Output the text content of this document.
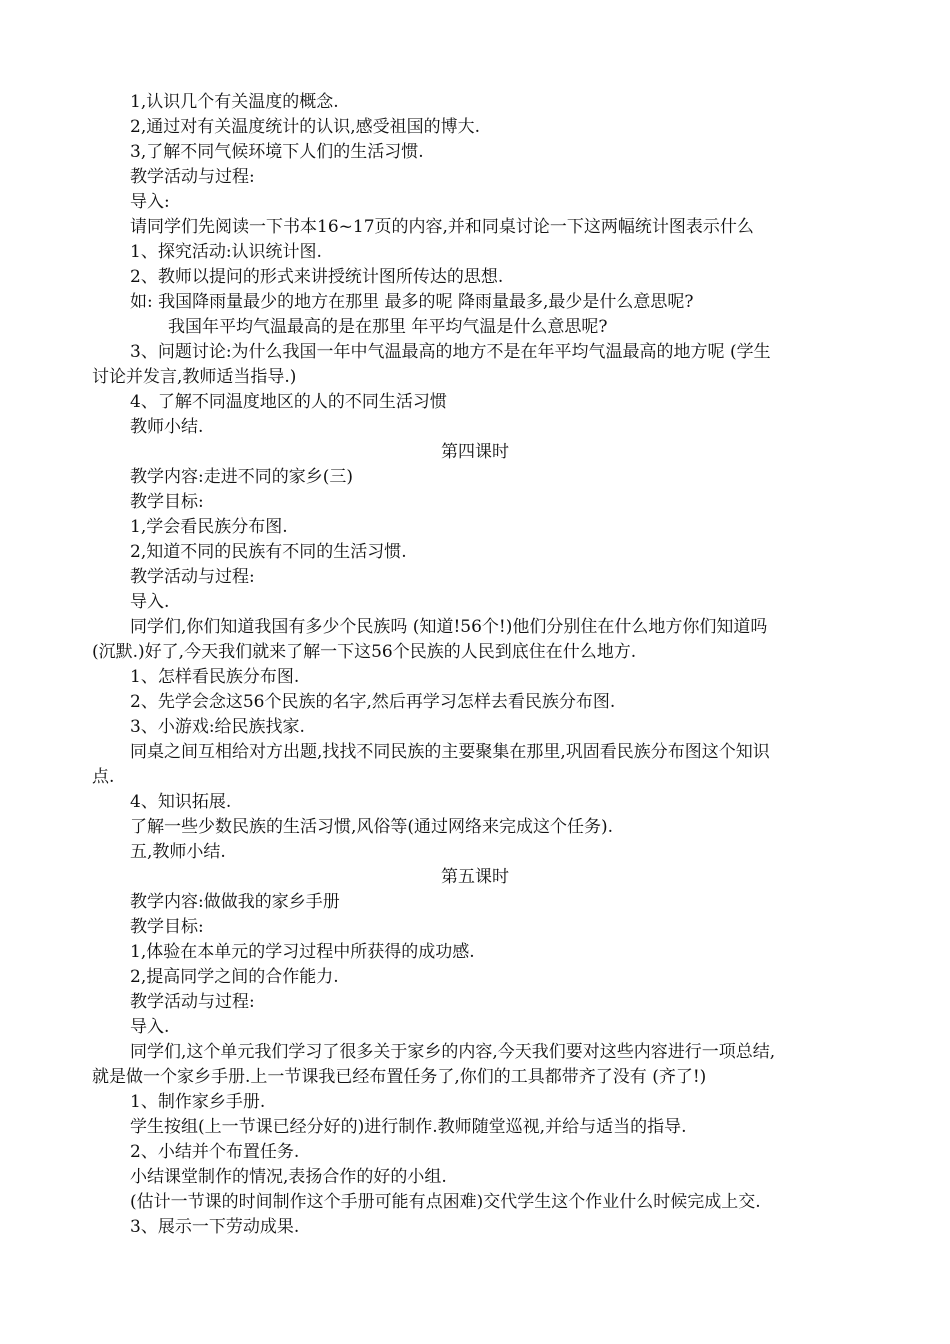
1,认识几个有关温度的概念.
2,通过对有关温度统计的认识,感受祖国的博大.
3,了解不同气候环境下人们的生活习惯.
教学活动与过程:
导入:
请同学们先阅读一下书本16~17页的内容,并和同桌讨论一下这两幅统计图表示什么
1、探究活动:认识统计图.
2、教师以提问的形式来讲授统计图所传达的思想.
如: 我国降雨量最少的地方在那里 最多的呢 降雨量最多,最少是什么意思呢?
我国年平均气温最高的是在那里 年平均气温是什么意思呢?
3、问题讨论:为什么我国一年中气温最高的地方不是在年平均气温最高的地方呢 (学生
讨论并发言,教师适当指导.)
4、了解不同温度地区的人的不同生活习惯
教师小结.
第四课时
教学内容:走进不同的家乡(三)
教学目标:
1,学会看民族分布图.
2,知道不同的民族有不同的生活习惯.
教学活动与过程:
导入.
同学们,你们知道我国有多少个民族吗 (知道!56个!)他们分别住在什么地方你们知道吗
(沉默.)好了,今天我们就来了解一下这56个民族的人民到底住在什么地方.
1、怎样看民族分布图.
2、先学会念这56个民族的名字,然后再学习怎样去看民族分布图.
3、小游戏:给民族找家.
同桌之间互相给对方出题,找找不同民族的主要聚集在那里,巩固看民族分布图这个知识
点.
4、知识拓展.
了解一些少数民族的生活习惯,风俗等(通过网络来完成这个任务).
五,教师小结.
第五课时
教学内容:做做我的家乡手册
教学目标:
1,体验在本单元的学习过程中所获得的成功感.
2,提高同学之间的合作能力.
教学活动与过程:
导入.
同学们,这个单元我们学习了很多关于家乡的内容,今天我们要对这些内容进行一项总结,
就是做一个家乡手册.上一节课我已经布置任务了,你们的工具都带齐了没有 (齐了!)
1、制作家乡手册.
学生按组(上一节课已经分好的)进行制作.教师随堂巡视,并给与适当的指导.
2、小结并个布置任务.
小结课堂制作的情况,表扬合作的好的小组.
(估计一节课的时间制作这个手册可能有点困难)交代学生这个作业什么时候完成上交.
3、展示一下劳动成果.
